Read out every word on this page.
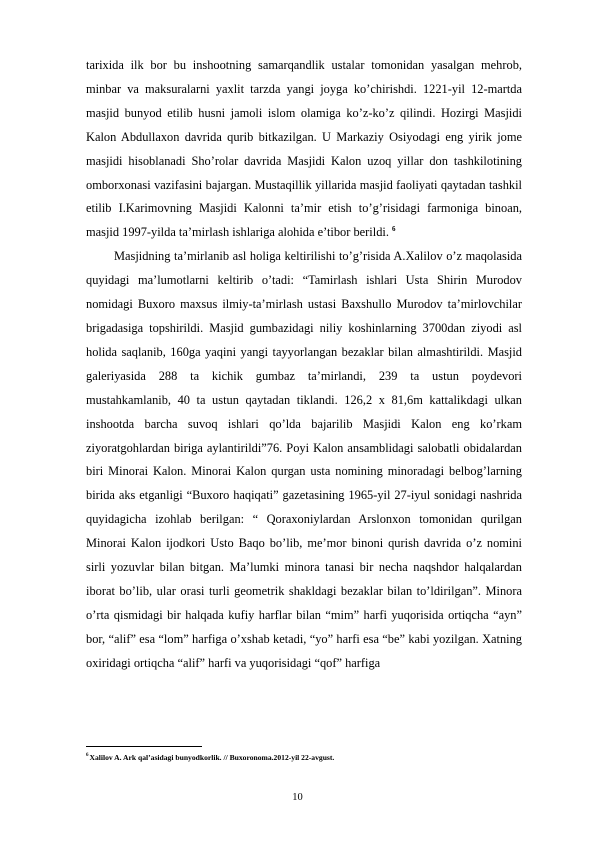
tarixida ilk bor bu inshootning samarqandlik ustalar tomonidan yasalgan mehrob, minbar va maksuralarni yaxlit tarzda yangi joyga ko’chirishdi. 1221-yil 12-martda masjid bunyod etilib husni jamoli islom olamiga ko’z-ko’z qilindi. Hozirgi Masjidi Kalon Abdullaxon davrida qurib bitkazilgan. U Markaziy Osiyodagi eng yirik jome masjidi hisoblanadi Sho’rolar davrida Masjidi Kalon uzoq yillar don tashkilotining omborxonasi vazifasini bajargan. Mustaqillik yillarida masjid faoliyati qaytadan tashkil etilib I.Karimovning Masjidi Kalonni ta’mir etish to’g’risidagi farmoniga binoan, masjid 1997-yilda ta’mirlash ishlariga alohida e’tibor berildi. $^6$

Masjidning ta’mirlanib asl holiga keltirilishi to’g’risida A.Xalilov o’z maqolasida quyidagi ma’lumotlarni keltirib o’tadi: “Tamirlash ishlari Usta Shirin Murodov nomidagi Buxoro maxsus ilmiy-ta’mirlash ustasi Baxshullo Murodov ta’mirlovchilar brigadasiga topshirildi. Masjid gumbazidagi niliy koshinlarning 3700dan ziyodi asl holida saqlanib, 160ga yaqini yangi tayyorlangan bezaklar bilan almashtirildi. Masjid galeriyasida 288 ta kichik gumbaz ta’mirlandi, 239 ta ustun poydevori mustahkamlanib, 40 ta ustun qaytadan tiklandi. 126,2 x 81,6m kattalikdagi ulkan inshootda barcha suvoq ishlari qo’lda bajarilib Masjidi Kalon eng ko’rkam ziyoratgohlardan biriga aylantirildi”76. Poyi Kalon ansamblidagi salobatli obidalardan biri Minorai Kalon. Minorai Kalon qurgan usta nomining minoradagi belbog’larning birida aks etganligi “Buxoro haqiqati” gazetasining 1965-yil 27-iyul sonidagi nashrida quyidagicha izohlab berilgan: “ Qoraxoniylardan Arslonxon tomonidan qurilgan Minorai Kalon ijodkori Usto Baqo bo’lib, me’mor binoni qurish davrida o’z nomini sirli yozuvlar bilan bitgan. Ma’lumki minora tanasi bir necha naqshdor halqalardan iborat bo’lib, ular orasi turli geometrik shakldagi bezaklar bilan to’ldirilgan”. Minora o’rta qismidagi bir halqada kufiy harflar bilan “mim” harfi yuqorisida ortiqcha “ayn” bor, “alif” esa “lom” harfiga o’xshab ketadi, “yo” harfi esa “be” kabi yozilgan. Xatning oxiridagi ortiqcha “alif” harfi va yuqorisidagi “qof” harfiga

$^6$Xalilov A. Ark qal’asidagi bunyodkorlik. // Buxoronoma.2012-yil 22-avgust.
10
